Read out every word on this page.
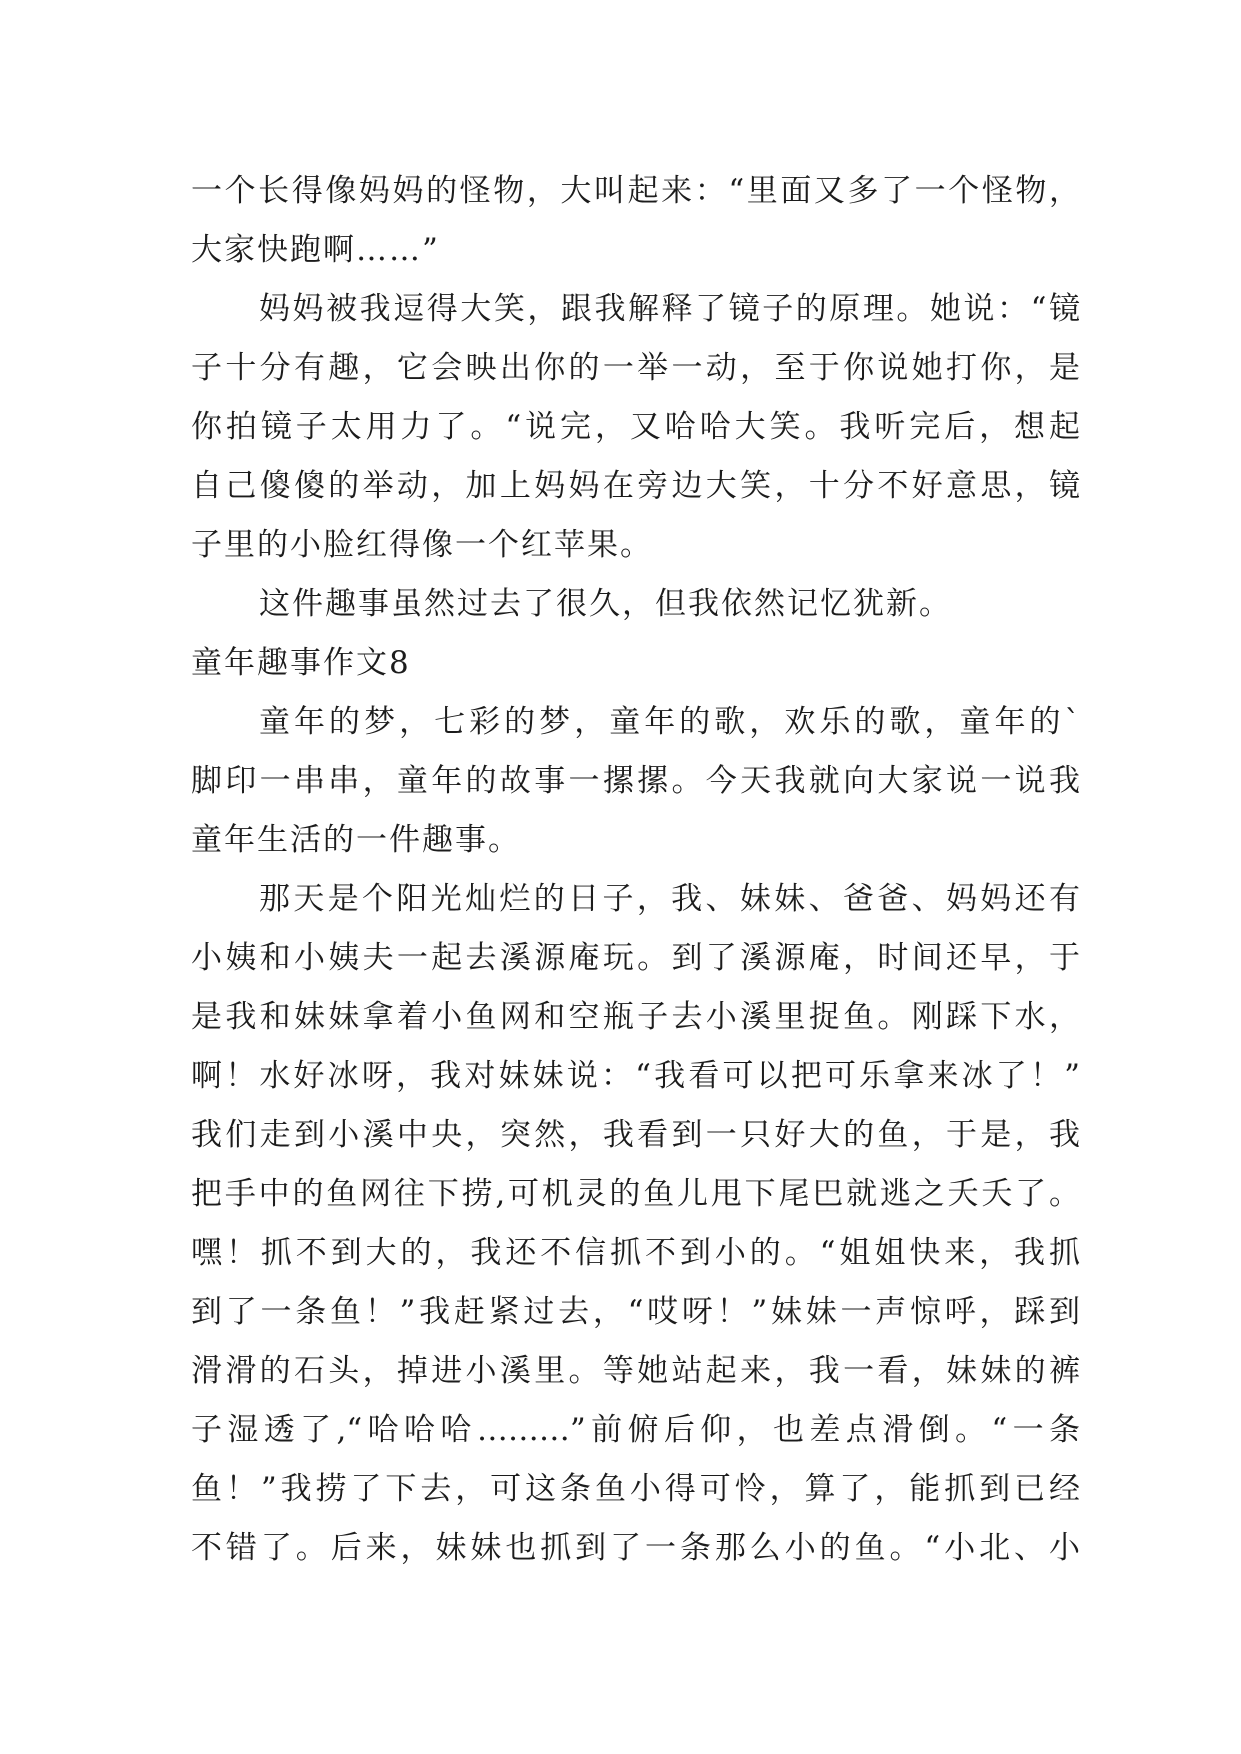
一个长得像妈妈的怪物，大叫起来：“里面又多了一个怪物，
大家快跑啊……”
妈妈被我逗得大笑，跟我解释了镜子的原理。她说：“镜
子十分有趣，它会映出你的一举一动，至于你说她打你，是
你拍镜子太用力了。“说完，又哈哈大笑。我听完后，想起
自己傻傻的举动，加上妈妈在旁边大笑，十分不好意思，镜
子里的小脸红得像一个红苹果。
这件趣事虽然过去了很久，但我依然记忆犹新。
童年趣事作文8
童年的梦，七彩的梦，童年的歌，欢乐的歌，童年的`
脚印一串串，童年的故事一摞摞。今天我就向大家说一说我
童年生活的一件趣事。
那天是个阳光灿烂的日子，我、妹妹、爸爸、妈妈还有
小姨和小姨夫一起去溪源庵玩。到了溪源庵，时间还早，于
是我和妹妹拿着小鱼网和空瓶子去小溪里捉鱼。刚踩下水，
啊！水好冰呀，我对妹妹说：“我看可以把可乐拿来冰了！”
我们走到小溪中央，突然，我看到一只好大的鱼，于是，我
把手中的鱼网往下捞,可机灵的鱼儿甩下尾巴就逃之夭夭了。
嘿！抓不到大的，我还不信抓不到小的。“姐姐快来，我抓
到了一条鱼！”我赶紧过去，“哎呀！”妹妹一声惊呼，踩到
滑滑的石头，掉进小溪里。等她站起来，我一看，妹妹的裤
子湿透了,“哈哈哈………”前俯后仰，也差点滑倒。“一条
鱼！”我捞了下去，可这条鱼小得可怜，算了，能抓到已经
不错了。后来，妹妹也抓到了一条那么小的鱼。“小北、小
